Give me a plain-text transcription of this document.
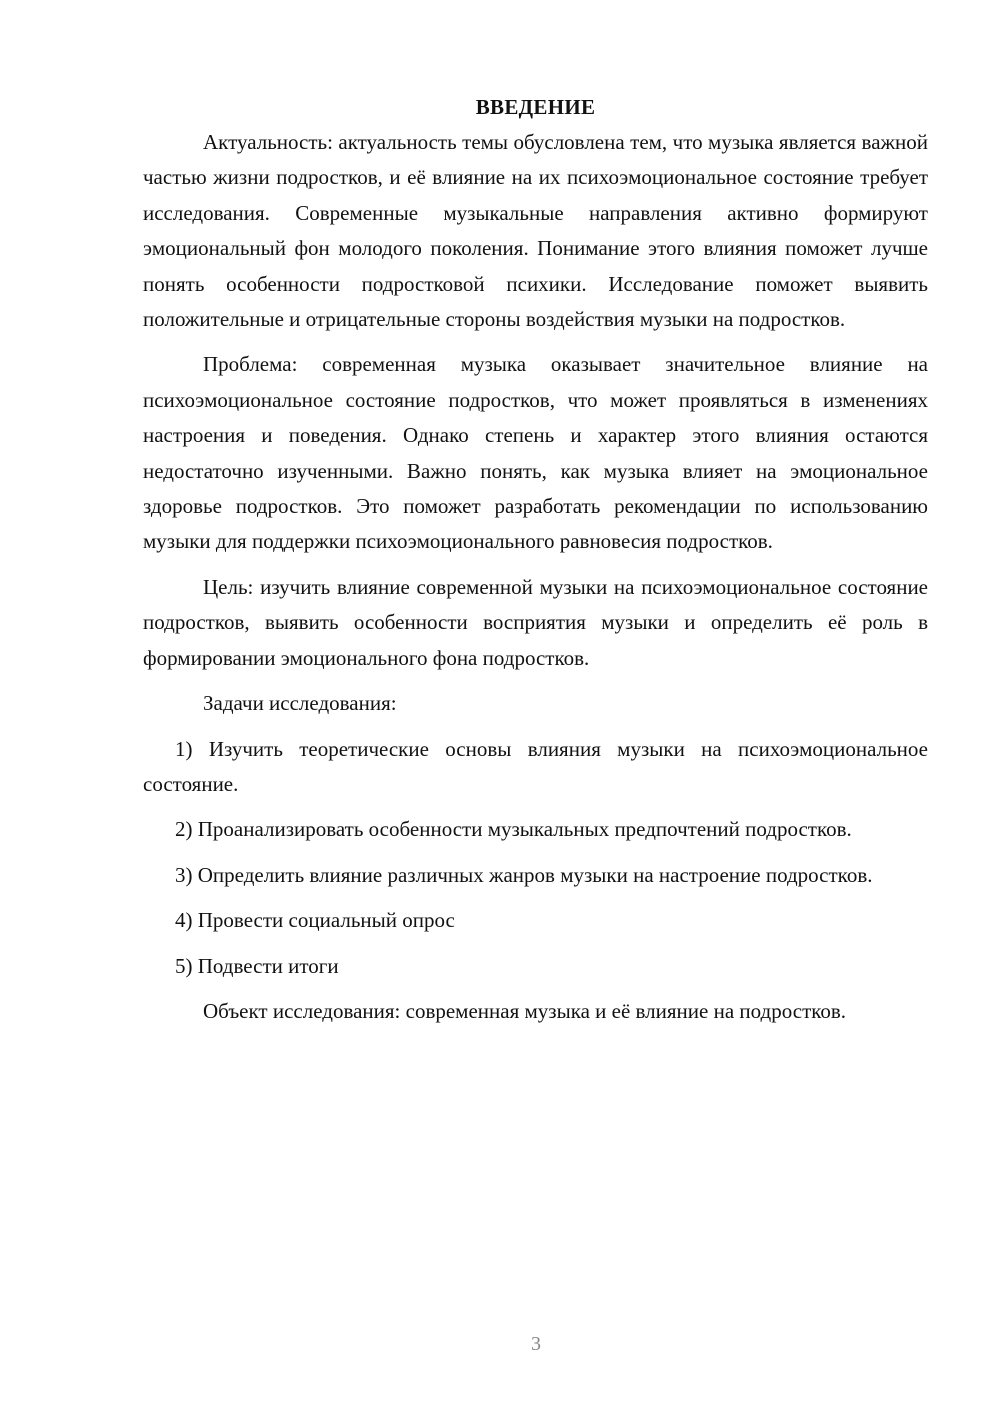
ВВЕДЕНИЕ

Актуальность: актуальность темы обусловлена тем, что музыка является важной частью жизни подростков, и её влияние на их психоэмоциональное состояние требует исследования. Современные музыкальные направления активно формируют эмоциональный фон молодого поколения. Понимание этого влияния поможет лучше понять особенности подростковой психики. Исследование поможет выявить положительные и отрицательные стороны воздействия музыки на подростков.

Проблема: современная музыка оказывает значительное влияние на психоэмоциональное состояние подростков, что может проявляться в изменениях настроения и поведения. Однако степень и характер этого влияния остаются недостаточно изученными. Важно понять, как музыка влияет на эмоциональное здоровье подростков. Это поможет разработать рекомендации по использованию музыки для поддержки психоэмоционального равновесия подростков.

Цель: изучить влияние современной музыки на психоэмоциональное состояние подростков, выявить особенности восприятия музыки и определить её роль в формировании эмоционального фона подростков.

Задачи исследования:

1) Изучить теоретические основы влияния музыки на психоэмоциональное состояние.

2) Проанализировать особенности музыкальных предпочтений подростков.

3) Определить влияние различных жанров музыки на настроение подростков.

4) Провести социальный опрос

5) Подвести итоги

Объект исследования: современная музыка и её влияние на подростков.

3
